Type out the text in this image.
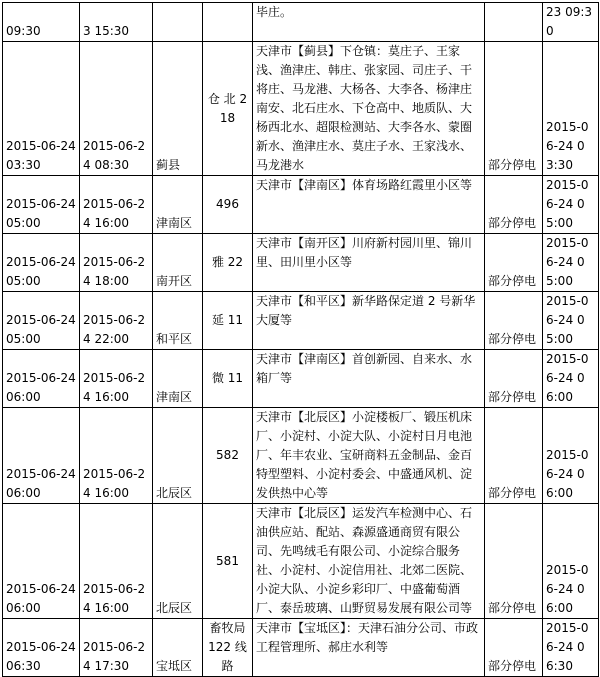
09:30	3 15:30			毕庄。		23 09:30
2015-06-24 03:30	2015-06-2 4 08:30	蓟县	仓 北 218	天津市【蓟县】下仓镇：莫庄子、王家浅、渔津庄、韩庄、张家园、司庄子、干将庄、马龙港、大杨各、大李各、杨津庄南安、北石庄水、下仓高中、地质队、大杨西北水、超限检测站、大李各水、蒙圈新水、渔津庄水、莫庄子水、王家浅水、马龙港水	部分停电	2015-06-24 03:30
2015-06-24 05:00	2015-06-2 4 16:00	津南区	496	天津市【津南区】体育场路红霞里小区等	部分停电	2015-06-24 05:00
2015-06-24 05:00	2015-06-2 4 18:00	南开区	雅 22	天津市【南开区】川府新村园川里、锦川里、田川里小区等	部分停电	2015-06-24 05:00
2015-06-24 05:00	2015-06-2 4 22:00	和平区	延 11	天津市【和平区】新华路保定道 2 号新华大厦等	部分停电	2015-06-24 05:00
2015-06-24 06:00	2015-06-2 4 16:00	津南区	微 11	天津市【津南区】首创新园、自来水、水箱厂等	部分停电	2015-06-24 06:00
2015-06-24 06:00	2015-06-2 4 16:00	北辰区	582	天津市【北辰区】小淀楼板厂、锻压机床厂、小淀村、小淀大队、小淀村日月电池厂、年丰农业、宝研商料五金制品、金百特型塑料、小淀村委会、中盛通风机、淀发供热中心等	部分停电	2015-06-24 06:00
2015-06-24 06:00	2015-06-2 4 16:00	北辰区	581	天津市【北辰区】运发汽车检测中心、石油供应站、配站、森源盛通商贸有限公司、先鸣绒毛有限公司、小淀综合服务社、小淀村、小淀信用社、北郊二医院、小淀大队、小淀乡彩印厂、中盛葡萄酒厂、泰岳玻璃、山野贸易发展有限公司等	部分停电	2015-06-24 06:00
2015-06-24 06:30	2015-06-2 4 17:30	宝坻区	畜牧局 122 线路	天津市【宝坻区】：天津石油分公司、市政工程管理所、郝庄水利等	部分停电	2015-06-24 06:30
